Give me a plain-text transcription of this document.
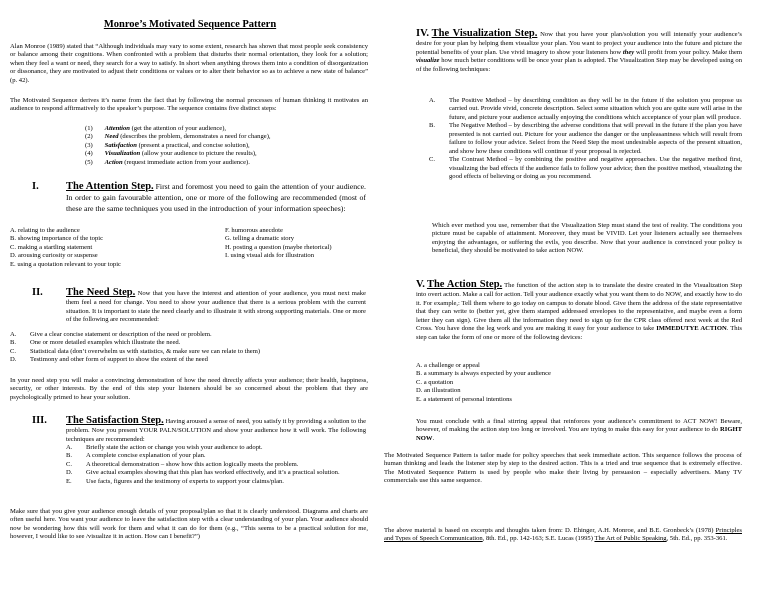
Monroe’s Motivated Sequence Pattern

Alan Monroe (1989) stated that “Although individuals may vary to some extent, research has shown that most people seek consistency or balance among their cognitions. When confronted with a problem that disturbs their normal orientation, they look for a solution; when they feel a want or need, they search for a way to satisfy. In short when anything throws them into a condition of disorganization or dissonance, they are motivated to adjust their conditions or values or to alter their behavior so as to achieve a new state of balance” (p. 42).

The Motivated Sequence derives it’s name from the fact that by following the normal processes of human thinking it motivates an audience to respond affirmatively to the speaker’s purpose. The sequence contains five distinct steps:

(1) Attention (get the attention of your audience),
(2) Need (describes the problem, demonstrates a need for change),
(3) Satisfaction (present a practical, and concise solution),
(4) Visualization (allow your audience to picture the results),
(5) Action (request immediate action from your audience).
I.	The Attention Step. First and foremost you need to gain the attention of your audience. In order to gain favourable attention, one or more of the following are recommended (most of these are the same techniques you used in the introduction of your information speeches):

A. relating to the audience
B. showing importance of the topic
C. making a startling statement
D. arousing curiosity or suspense
E. using a quotation relevant to your topic
F. humorous anecdote
G. telling a dramatic story
H. posting a question (maybe rhetorical)
I. using visual aids for illustration
II. The Need Step. Now that you have the interest and attention of your audience, you must next make them feel a need for change. You need to show your audience that there is a serious problem with the current situation. It is important to state the need clearly and to illustrate it with strong supporting materials. One or more of the following are recommended:

A. Give a clear concise statement or description of the need or problem.
B. One or more detailed examples which illustrate the need.
C. Statistical data (don’t overwhelm us with statistics, & make sure we can relate to them)
D. Testimony and other form of support to show the extent of the need

In your need step you will make a convincing demonstration of how the need directly affects your audience; their health, happiness, security, or other interests. By the end of this step your listeners should be so concerned about the problem that they are psychologically primed to hear your solution.

III. The Satisfaction Step. Having aroused a sense of need, you satisfy it by providing a solution to the problem. Now you present YOUR PALN/SOLUTION and show your audience how it will work. The following techniques are recommended:

A.	Briefly state the action or change you wish your audience to adopt.
B.	A complete concise explanation of your plan.
C.	A theoretical demonstration – show how this action logically meets the problem.
D.	Give actual examples showing that this plan has worked effectively, and it’s a practical solution.
E.	Use facts, figures and the testimony of experts to support your claims/plan.

Make sure that you give your audience enough details of your proposal/plan so that it is clearly understood. Diagrams and charts are often useful here. You want your audience to leave the satisfaction step with a clear understanding of your plan. Your audience should now be wondering how this will work for them and what it can do for them (e.g., “This seems to be a practical solution for me, however, I would like to see /visualize it in action. How can I benefit?”)

IV. The Visualization Step. Now that you have your plan/solution you will intensify your audience’s desire for your plan by helping them visualize your plan. You want to project your audience into the future and picture the potential benefits of your plan. Use vivid imagery to show your listeners how they will profit from your policy. Make them visualize how much better conditions will be once your plan is adopted. The Visualization Step may be developed using on of the following techniques:

A.	The Positive Method – by describing condition as they will be in the future if the solution you propose us carried out. Provide vivid, concrete description. Select some situation which you are quite sure will arise in the future, and picture your audience actually enjoying the conditions which acceptance of your plan will produce.
B.	The Negative Method – by describing the adverse conditions that will prevail in the future if the plan you have presented is not carried out. Picture for your audience the danger or the unpleasantness which will result from failure to follow your advice. Select from the Need Step the most undesirable aspects of the present situation, and show how these conditions will continue if your proposal is rejected.
C.	The Contrast Method – by combining the positive and negative approaches. Use the negative method first, visualizing the bad effects if the audience fails to follow your advice; then the positive method, visualizing the good effects of believing or doing as you recommend.

Which ever method you use, remember that the Visualization Step must stand the test of reality. The conditions you picture must be capable of attainment. Moreover, they must be VIVID. Let your listeners actually see themselves enjoying the advantages, or suffering the evils, you describe. Now that your audience is convinced your policy is beneficial, they should be motivated to take action NOW.

V. The Action Step. The function of the action step is to translate the desire created in the Visualization Step into overt action. Make a call for action. Tell your audience exactly what you want them to do NOW, and exactly how to do it. For example,: Tell them where to go today on campus to donate blood. Give them the address of the state representative that they can write to (better yet, give them stamped addressed envelopes to the representative, and maybe even a form letter they can sign). Give them all the information they need to sign up for the CPR class offered next week at the Red Cross. You have done the leg work and you are making it easy for your audience to take IMMEDUTYE ACTION. This step can take the form of one or more of the following devices:

A. a challenge or appeal
B. a summary is always expected by your audience
C. a quotation
D. an illustration
E. a statement of personal intentions

You must conclude with a final stirring appeal that reinforces your audience’s commitment to ACT NOW! Beware, however, of making the action step too long or involved. You are trying to make this easy for your audience to do RIGHT NOW.

The Motivated Sequence Pattern is tailor made for policy speeches that seek immediate action. This sequence follows the process of human thinking and leads the listener step by step to the desired action. This is a tried and true sequence that is extremely effective. The Motivated Sequence Pattern is used by people who make their living by persuasion – especially advertisers. Many TV commercials use this same sequence.

The above material is based on excerpts and thoughts taken from: D. Ehinger, A.H. Monroe, and B.E. Gronbeck’s (1978) Principles and Types of Speech Communication, 8th. Ed., pp. 142-163; S.E. Lucas (1995) The Art of Public Speaking, 5th. Ed., pp. 353-361.
